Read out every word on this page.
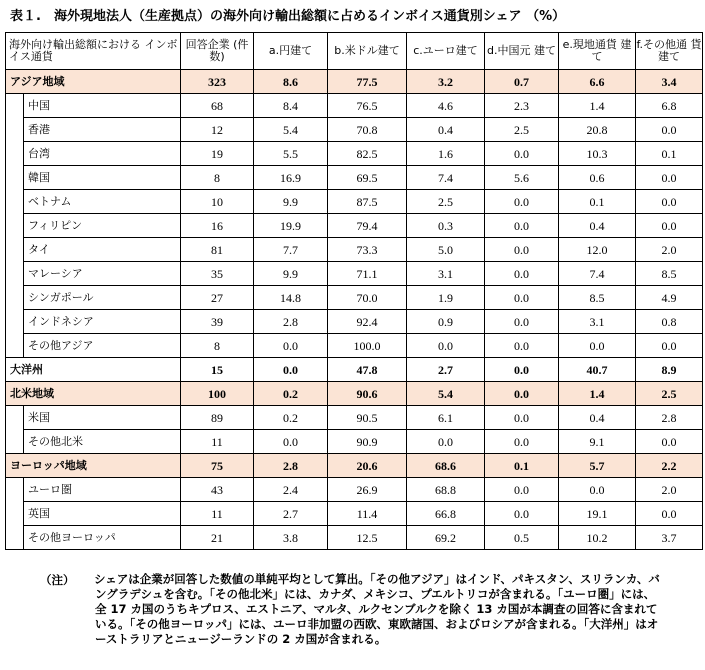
表１.　海外現地法人（生産拠点）の海外向け輸出総額に占めるインボイス通貨別シェア （%）
海外向け輸出総額における インボイス通貨		回答企業 (件数)	a.円建て	b.米ドル建て	c.ユーロ建て	d.中国元 建て	e.現地通貨 建て	f.その他通 貨建て
アジア地域		323	8.6	77.5	3.2	0.7	6.6	3.4
	中国	68	8.4	76.5	4.6	2.3	1.4	6.8
	香港	12	5.4	70.8	0.4	2.5	20.8	0.0
	台湾	19	5.5	82.5	1.6	0.0	10.3	0.1
	韓国	8	16.9	69.5	7.4	5.6	0.6	0.0
	ベトナム	10	9.9	87.5	2.5	0.0	0.1	0.0
	フィリピン	16	19.9	79.4	0.3	0.0	0.4	0.0
	タイ	81	7.7	73.3	5.0	0.0	12.0	2.0
	マレーシア	35	9.9	71.1	3.1	0.0	7.4	8.5
	シンガポール	27	14.8	70.0	1.9	0.0	8.5	4.9
	インドネシア	39	2.8	92.4	0.9	0.0	3.1	0.8
	その他アジア	8	0.0	100.0	0.0	0.0	0.0	0.0
大洋州		15	0.0	47.8	2.7	0.0	40.7	8.9
北米地域		100	0.2	90.6	5.4	0.0	1.4	2.5
	米国	89	0.2	90.5	6.1	0.0	0.4	2.8
	その他北米	11	0.0	90.9	0.0	0.0	9.1	0.0
ヨーロッパ地域		75	2.8	20.6	68.6	0.1	5.7	2.2
	ユーロ圏	43	2.4	26.9	68.8	0.0	0.0	2.0
	英国	11	2.7	11.4	66.8	0.0	19.1	0.0
	その他ヨーロッパ	21	3.8	12.5	69.2	0.5	10.2	3.7
（注） シェアは企業が回答した数値の単純平均として算出。「その他アジア」はインド、パキスタン、スリランカ、バングラデシュを含む。「その他北米」には、カナダ、メキシコ、プエルトリコが含まれる。「ユーロ圏」には、全 17 カ国のうちキプロス、エストニア、マルタ、ルクセンブルクを除く 13 カ国が本調査の回答に含まれている。「その他ヨーロッパ」には、ユーロ非加盟の西欧、東欧諸国、およびロシアが含まれる。「大洋州」はオーストラリアとニュージーランドの 2 カ国が含まれる。
